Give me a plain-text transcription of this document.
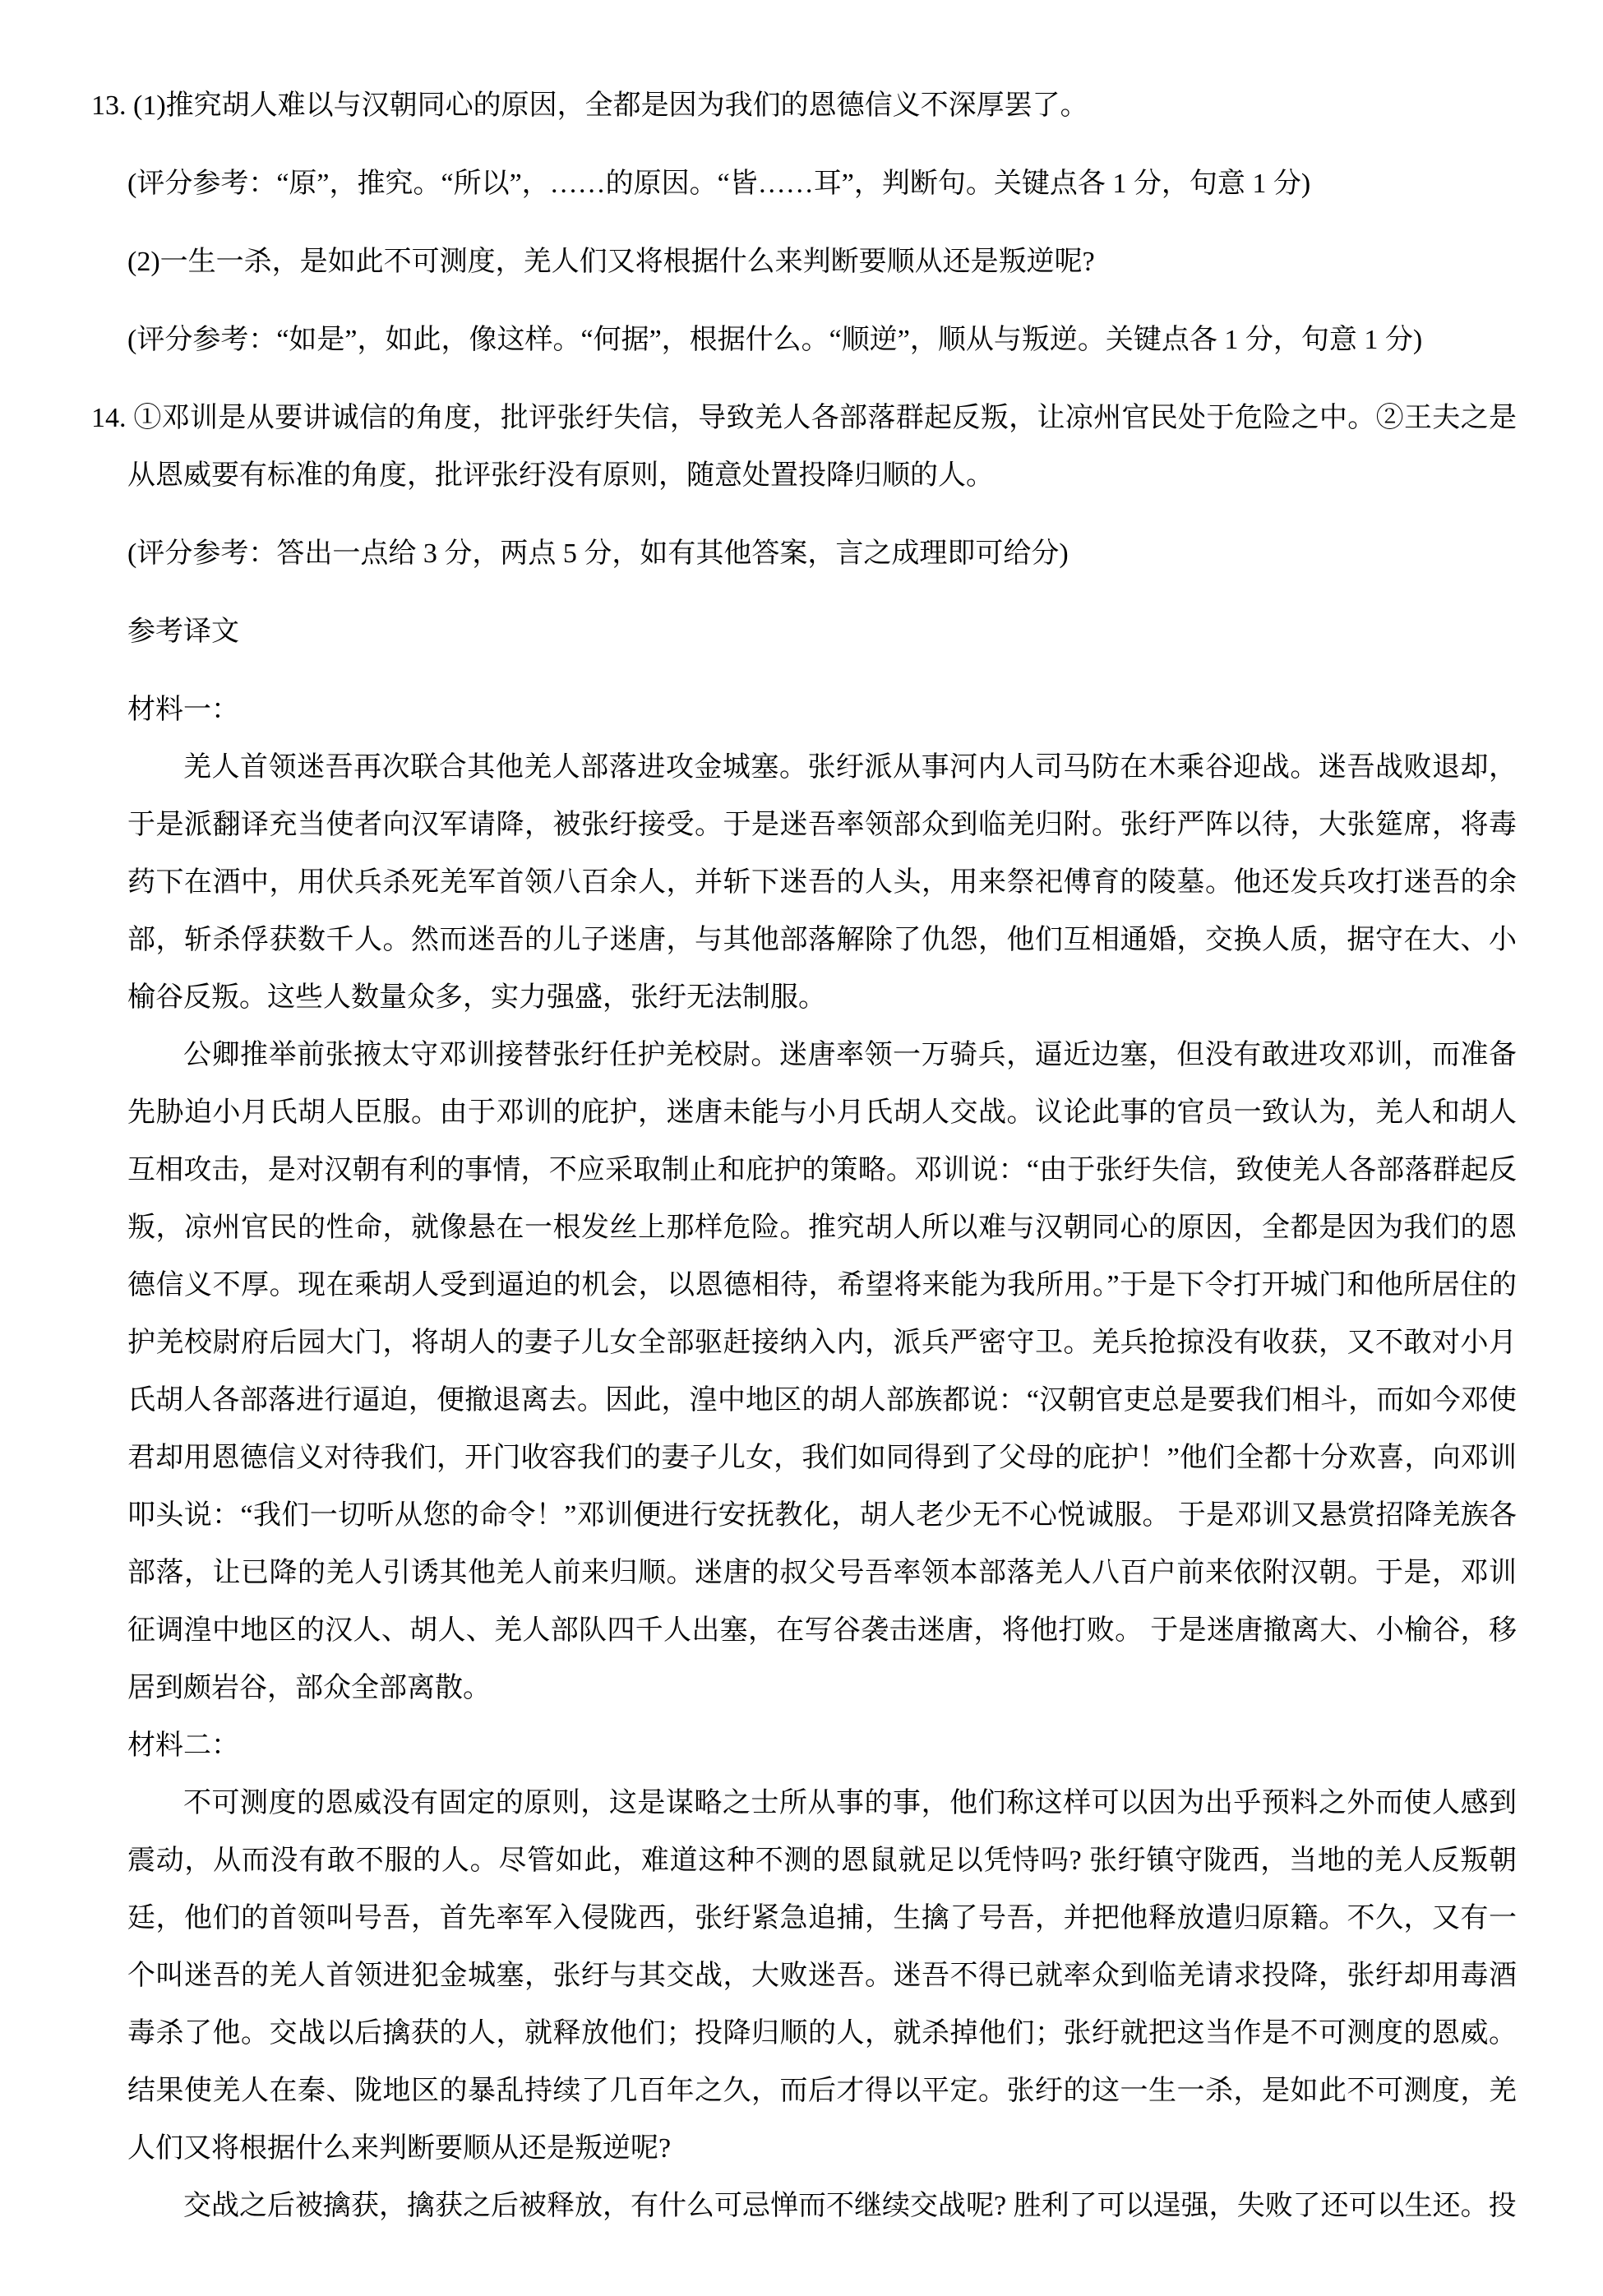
13. (1)推究胡人难以与汉朝同心的原因，全都是因为我们的恩德信义不深厚罢了。

(评分参考：“原”，推究。“所以”，……的原因。“皆……耳”，判断句。关键点各 1 分，句意 1 分)

(2)一生一杀，是如此不可测度，羌人们又将根据什么来判断要顺从还是叛逆呢?

(评分参考：“如是”，如此，像这样。“何据”，根据什么。“顺逆”，顺从与叛逆。关键点各 1 分，句意 1 分)

14. ①邓训是从要讲诚信的角度，批评张纡失信，导致羌人各部落群起反叛，让凉州官民处于危险之中。②王夫之是从恩威要有标准的角度，批评张纡没有原则，随意处置投降归顺的人。

(评分参考：答出一点给 3 分，两点 5 分，如有其他答案，言之成理即可给分)

参考译文

材料一：

羌人首领迷吾再次联合其他羌人部落进攻金城塞。张纡派从事河内人司马防在木乘谷迎战。迷吾战败退却，于是派翻译充当使者向汉军请降，被张纡接受。于是迷吾率领部众到临羌归附。张纡严阵以待，大张筵席，将毒药下在酒中，用伏兵杀死羌军首领八百余人，并斩下迷吾的人头，用来祭祀傅育的陵墓。他还发兵攻打迷吾的余部，斩杀俘获数千人。然而迷吾的儿子迷唐，与其他部落解除了仇怨，他们互相通婚，交换人质，据守在大、小榆谷反叛。这些人数量众多，实力强盛，张纡无法制服。

公卿推举前张掖太守邓训接替张纡任护羌校尉。迷唐率领一万骑兵，逼近边塞，但没有敢进攻邓训，而准备先胁迫小月氏胡人臣服。由于邓训的庇护，迷唐未能与小月氏胡人交战。议论此事的官员一致认为，羌人和胡人互相攻击，是对汉朝有利的事情，不应采取制止和庇护的策略。邓训说：“由于张纡失信，致使羌人各部落群起反叛，凉州官民的性命，就像悬在一根发丝上那样危险。推究胡人所以难与汉朝同心的原因，全都是因为我们的恩德信义不厚。现在乘胡人受到逼迫的机会，以恩德相待，希望将来能为我所用。”于是下令打开城门和他所居住的护羌校尉府后园大门，将胡人的妻子儿女全部驱赶接纳入内，派兵严密守卫。羌兵抢掠没有收获，又不敢对小月氏胡人各部落进行逼迫，便撤退离去。因此，湟中地区的胡人部族都说：“汉朝官吏总是要我们相斗，而如今邓使君却用恩德信义对待我们，开门收容我们的妻子儿女，我们如同得到了父母的庇护！”他们全都十分欢喜，向邓训叩头说：“我们一切听从您的命令！”邓训便进行安抚教化，胡人老少无不心悦诚服。 于是邓训又悬赏招降羌族各部落，让已降的羌人引诱其他羌人前来归顺。迷唐的叔父号吾率领本部落羌人八百户前来依附汉朝。于是，邓训征调湟中地区的汉人、胡人、羌人部队四千人出塞，在写谷袭击迷唐，将他打败。 于是迷唐撤离大、小榆谷，移居到颇岩谷，部众全部离散。

材料二：

不可测度的恩威没有固定的原则，这是谋略之士所从事的事，他们称这样可以因为出乎预料之外而使人感到震动，从而没有敢不服的人。尽管如此，难道这种不测的恩鼠就足以凭恃吗? 张纡镇守陇西，当地的羌人反叛朝廷，他们的首领叫号吾，首先率军入侵陇西，张纡紧急追捕，生擒了号吾，并把他释放遣归原籍。不久，又有一个叫迷吾的羌人首领进犯金城塞，张纡与其交战，大败迷吾。迷吾不得已就率众到临羌请求投降，张纡却用毒酒毒杀了他。交战以后擒获的人，就释放他们；投降归顺的人，就杀掉他们；张纡就把这当作是不可测度的恩威。结果使羌人在秦、陇地区的暴乱持续了几百年之久，而后才得以平定。张纡的这一生一杀，是如此不可测度，羌人们又将根据什么来判断要顺从还是叛逆呢?

交战之后被擒获，擒获之后被释放，有什么可忌惮而不继续交战呢? 胜利了可以逞强，失败了还可以生还。投
